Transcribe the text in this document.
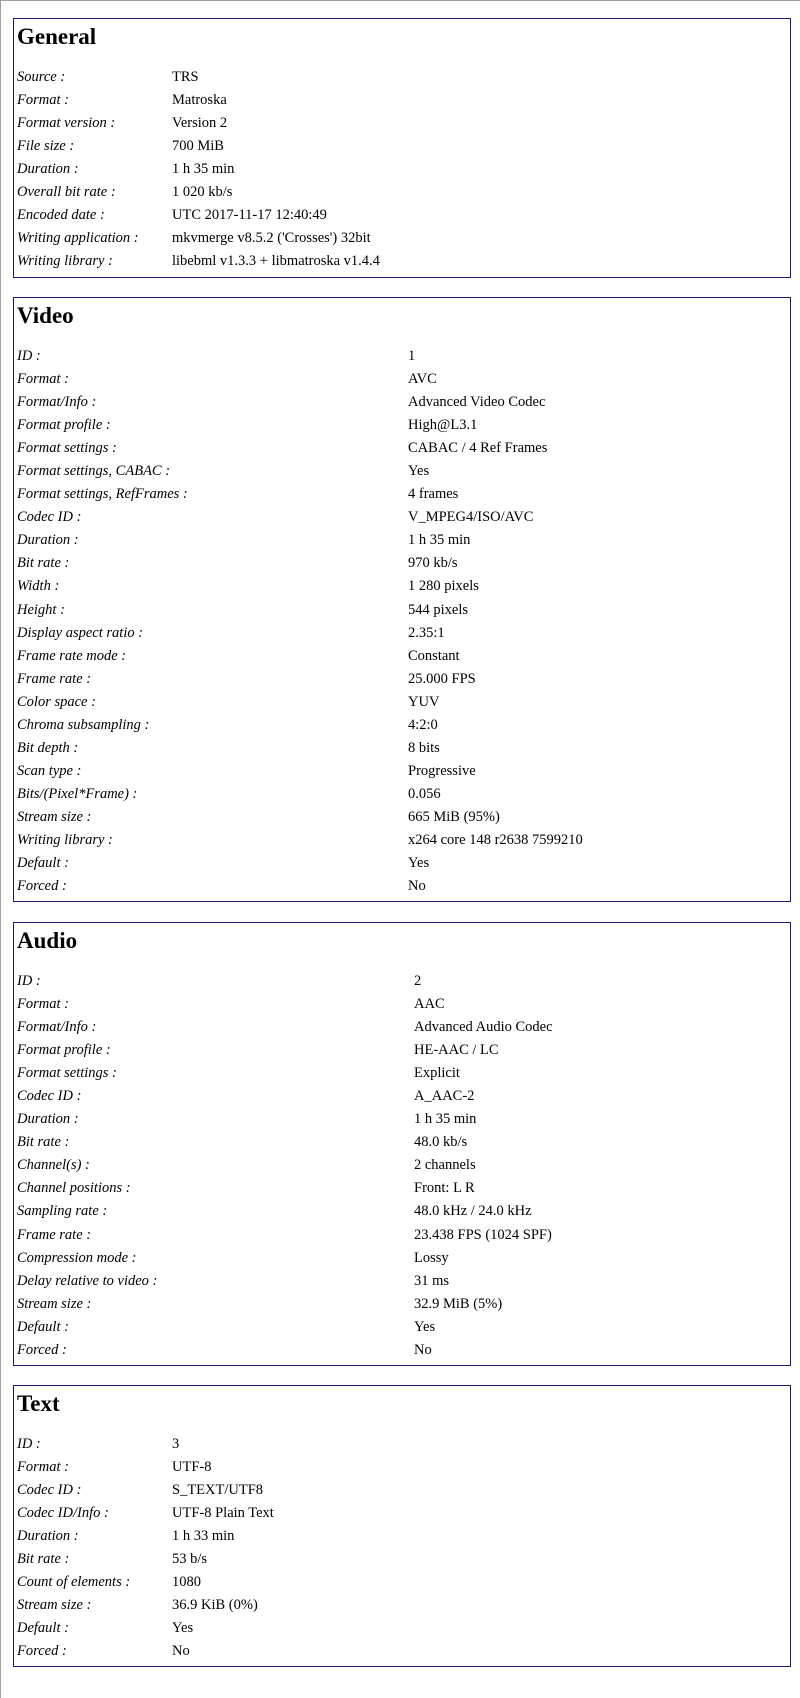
General
Source :	TRS
Format :	Matroska
Format version :	Version 2
File size :	700 MiB
Duration :	1 h 35 min
Overall bit rate :	1 020 kb/s
Encoded date :	UTC 2017-11-17 12:40:49
Writing application :	mkvmerge v8.5.2 ('Crosses') 32bit
Writing library :	libebml v1.3.3 + libmatroska v1.4.4
Video
ID :	1
Format :	AVC
Format/Info :	Advanced Video Codec
Format profile :	High@L3.1
Format settings :	CABAC / 4 Ref Frames
Format settings, CABAC :	Yes
Format settings, RefFrames :	4 frames
Codec ID :	V_MPEG4/ISO/AVC
Duration :	1 h 35 min
Bit rate :	970 kb/s
Width :	1 280 pixels
Height :	544 pixels
Display aspect ratio :	2.35:1
Frame rate mode :	Constant
Frame rate :	25.000 FPS
Color space :	YUV
Chroma subsampling :	4:2:0
Bit depth :	8 bits
Scan type :	Progressive
Bits/(Pixel*Frame) :	0.056
Stream size :	665 MiB (95%)
Writing library :	x264 core 148 r2638 7599210
Default :	Yes
Forced :	No
Audio
ID :	2
Format :	AAC
Format/Info :	Advanced Audio Codec
Format profile :	HE-AAC / LC
Format settings :	Explicit
Codec ID :	A_AAC-2
Duration :	1 h 35 min
Bit rate :	48.0 kb/s
Channel(s) :	2 channels
Channel positions :	Front: L R
Sampling rate :	48.0 kHz / 24.0 kHz
Frame rate :	23.438 FPS (1024 SPF)
Compression mode :	Lossy
Delay relative to video :	31 ms
Stream size :	32.9 MiB (5%)
Default :	Yes
Forced :	No
Text
ID :	3
Format :	UTF-8
Codec ID :	S_TEXT/UTF8
Codec ID/Info :	UTF-8 Plain Text
Duration :	1 h 33 min
Bit rate :	53 b/s
Count of elements :	1080
Stream size :	36.9 KiB (0%)
Default :	Yes
Forced :	No
